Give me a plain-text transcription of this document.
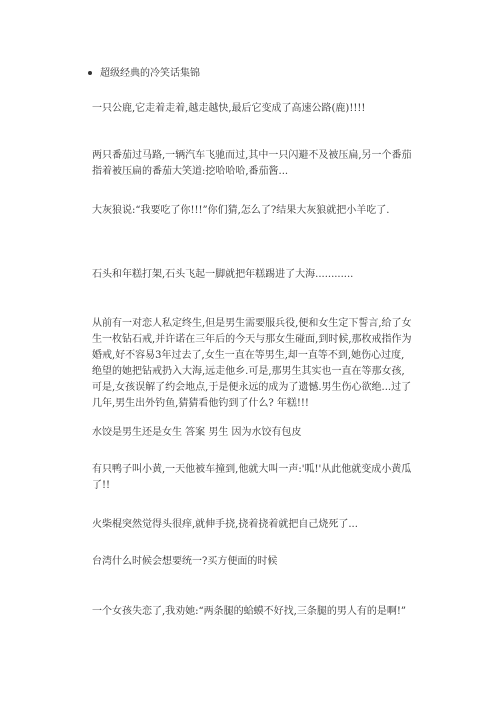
超级经典的冷笑话集锦
一只公鹿,它走着走着,越走越快,最后它变成了高速公路(鹿)!!!!
两只番茄过马路,一辆汽车飞驰而过,其中一只闪避不及被压扁,另一个番茄指着被压扁的番茄大笑道:挖哈哈哈,番茄酱...
大灰狼说:“我要吃了你!!!”你们猜,怎么了?结果大灰狼就把小羊吃了.
石头和年糕打架,石头飞起一脚就把年糕踢进了大海............
从前有一对恋人私定终生,但是男生需要服兵役,便和女生定下誓言,给了女生一枚钻石戒,并许诺在三年后的今天与那女生碰面,到时候,那枚戒指作为婚戒,好不容易3年过去了,女生一直在等男生,却一直等不到,她伤心过度,绝望的她把钻戒扔入大海,远走他乡.可是,那男生其实也一直在等那女孩,可是,女孩误解了约会地点,于是便永远的成为了遗憾.男生伤心欲绝...过了几年,男生出外钓鱼,猜猜看他钓到了什么? 年糕!!!
水饺是男生还是女生 答案 男生 因为水饺有包皮
有只鸭子叫小黄,一天他被车撞到,他就大叫一声:'呱!'从此他就变成小黄瓜了!!
火柴棍突然觉得头很痒,就伸手挠,挠着挠着就把自己烧死了...
台湾什么时候会想要统一?买方便面的时候
一个女孩失恋了,我劝她:“两条腿的蛤蟆不好找,三条腿的男人有的是啊!”
